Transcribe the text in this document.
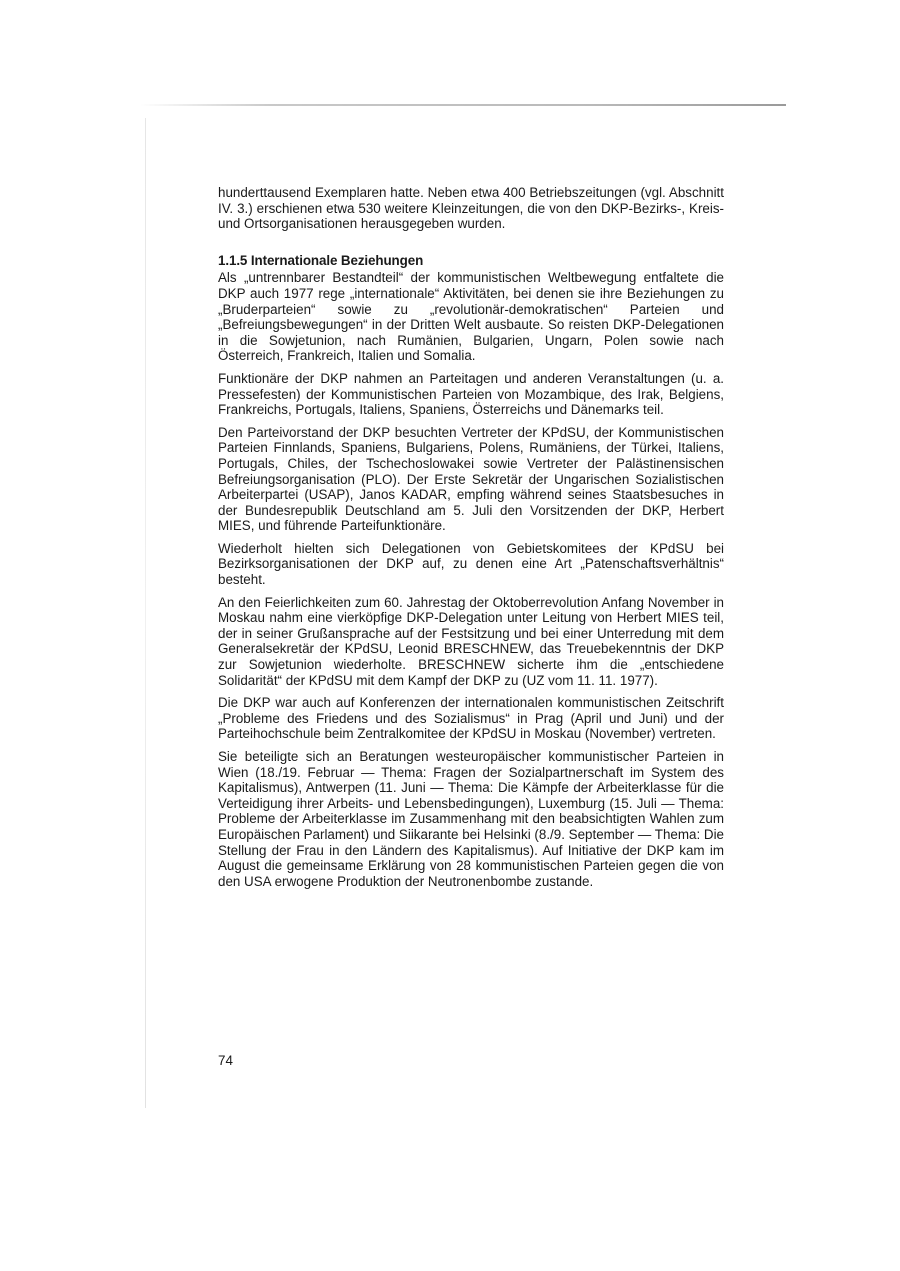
hunderttausend Exemplaren hatte. Neben etwa 400 Betriebszeitungen (vgl. Abschnitt IV. 3.) erschienen etwa 530 weitere Kleinzeitungen, die von den DKP-Bezirks-, Kreis- und Ortsorganisationen herausgegeben wurden.

1.1.5 Internationale Beziehungen

Als „untrennbarer Bestandteil“ der kommunistischen Weltbewegung entfaltete die DKP auch 1977 rege „internationale“ Aktivitäten, bei denen sie ihre Beziehungen zu „Bruderparteien“ sowie zu „revolutionär-demokratischen“ Parteien und „Befreiungsbewegungen“ in der Dritten Welt ausbaute. So reisten DKP-Delegationen in die Sowjetunion, nach Rumänien, Bulgarien, Ungarn, Polen sowie nach Österreich, Frankreich, Italien und Somalia.

Funktionäre der DKP nahmen an Parteitagen und anderen Veranstaltungen (u. a. Pressefesten) der Kommunistischen Parteien von Mozambique, des Irak, Belgiens, Frankreichs, Portugals, Italiens, Spaniens, Österreichs und Dänemarks teil.

Den Parteivorstand der DKP besuchten Vertreter der KPdSU, der Kommunistischen Parteien Finnlands, Spaniens, Bulgariens, Polens, Rumäniens, der Türkei, Italiens, Portugals, Chiles, der Tschechoslowakei sowie Vertreter der Palästinensischen Befreiungsorganisation (PLO). Der Erste Sekretär der Ungarischen Sozialistischen Arbeiterpartei (USAP), Janos KADAR, empfing während seines Staatsbesuches in der Bundesrepublik Deutschland am 5. Juli den Vorsitzenden der DKP, Herbert MIES, und führende Parteifunktionäre.

Wiederholt hielten sich Delegationen von Gebietskomitees der KPdSU bei Bezirksorganisationen der DKP auf, zu denen eine Art „Patenschaftsverhältnis“ besteht.

An den Feierlichkeiten zum 60. Jahrestag der Oktoberrevolution Anfang November in Moskau nahm eine vierköpfige DKP-Delegation unter Leitung von Herbert MIES teil, der in seiner Grußansprache auf der Festsitzung und bei einer Unterredung mit dem Generalsekretär der KPdSU, Leonid BRESCHNEW, das Treuebekenntnis der DKP zur Sowjetunion wiederholte. BRESCHNEW sicherte ihm die „entschiedene Solidarität“ der KPdSU mit dem Kampf der DKP zu (UZ vom 11. 11. 1977).

Die DKP war auch auf Konferenzen der internationalen kommunistischen Zeitschrift „Probleme des Friedens und des Sozialismus“ in Prag (April und Juni) und der Parteihochschule beim Zentralkomitee der KPdSU in Moskau (November) vertreten.

Sie beteiligte sich an Beratungen westeuropäischer kommunistischer Parteien in Wien (18./19. Februar — Thema: Fragen der Sozialpartnerschaft im System des Kapitalismus), Antwerpen (11. Juni — Thema: Die Kämpfe der Arbeiterklasse für die Verteidigung ihrer Arbeits- und Lebensbedingungen), Luxemburg (15. Juli — Thema: Probleme der Arbeiterklasse im Zusammenhang mit den beabsichtigten Wahlen zum Europäischen Parlament) und Siikarante bei Helsinki (8./9. September — Thema: Die Stellung der Frau in den Ländern des Kapitalismus). Auf Initiative der DKP kam im August die gemeinsame Erklärung von 28 kommunistischen Parteien gegen die von den USA erwogene Produktion der Neutronenbombe zustande.

74
